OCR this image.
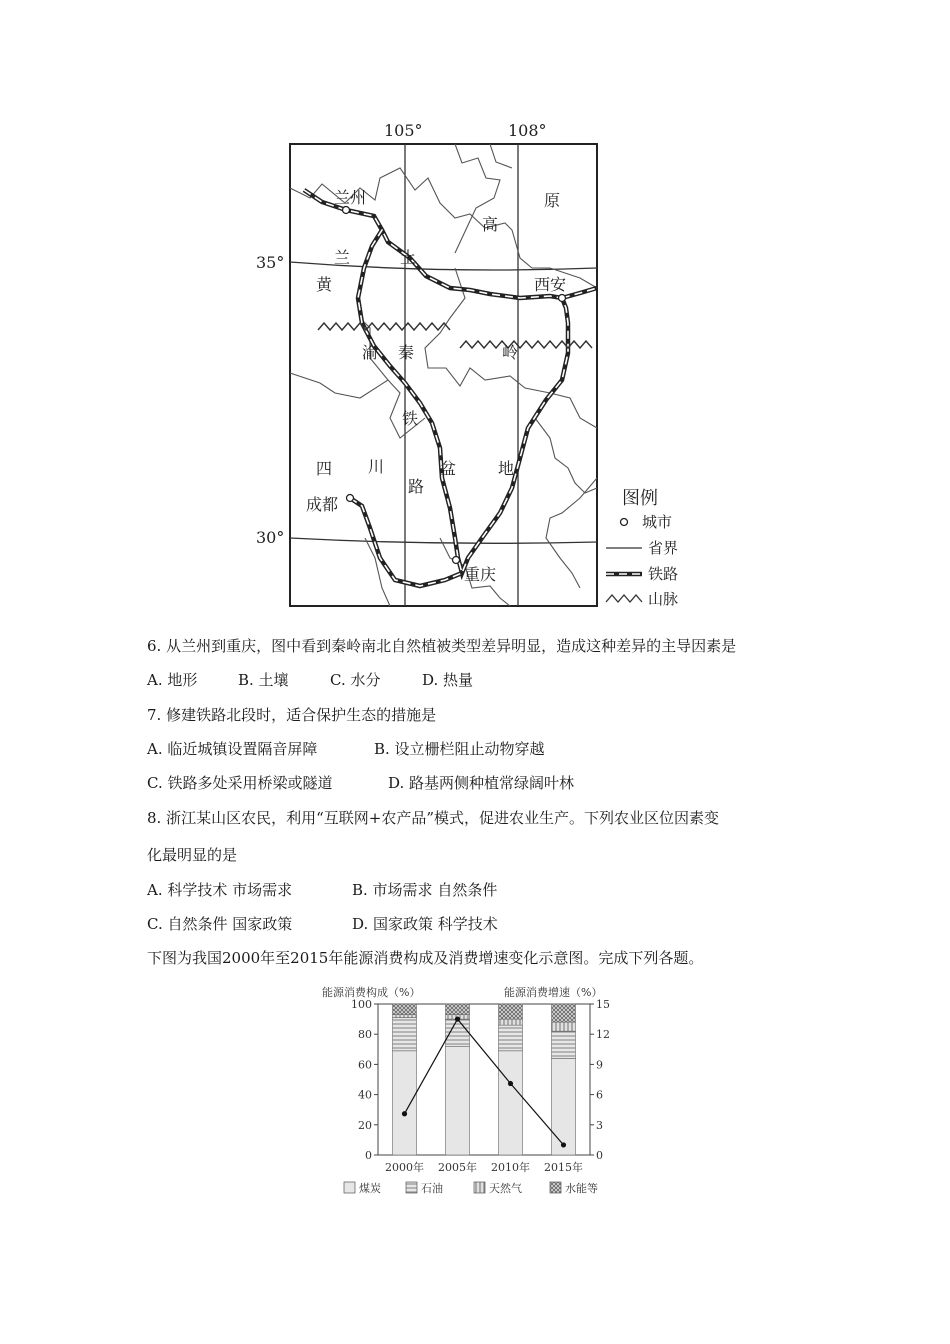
105°	108°
35°
30°
兰州
西安
成都
重庆
黄
土
高
原
兰
秦	岭
渝
铁
路
四 川	盆	地
图例
城市
省界
铁路
山脉
6. 从兰州到重庆，图中看到秦岭南北自然植被类型差异明显，造成这种差异的主导因素是
A. 地形	B. 土壤	C. 水分	D. 热量
7. 修建铁路北段时，适合保护生态的措施是
A. 临近城镇设置隔音屏障	B. 设立栅栏阻止动物穿越
C. 铁路多处采用桥梁或隧道	D. 路基两侧种植常绿阔叶林
8. 浙江某山区农民，利用“互联网+农产品”模式，促进农业生产。下列农业区位因素变
化最明显的是
A. 科学技术 市场需求	B. 市场需求 自然条件
C. 自然条件 国家政策	D. 国家政策 科学技术
下图为我国2000年至2015年能源消费构成及消费增速变化示意图。完成下列各题。
能源消费构成（%）	能源消费增速（%）
0
20
40
60
80
100
0
3
6
9
12
15
2000年 2005年 2010年 2015年
煤炭	石油	天然气	水能等
